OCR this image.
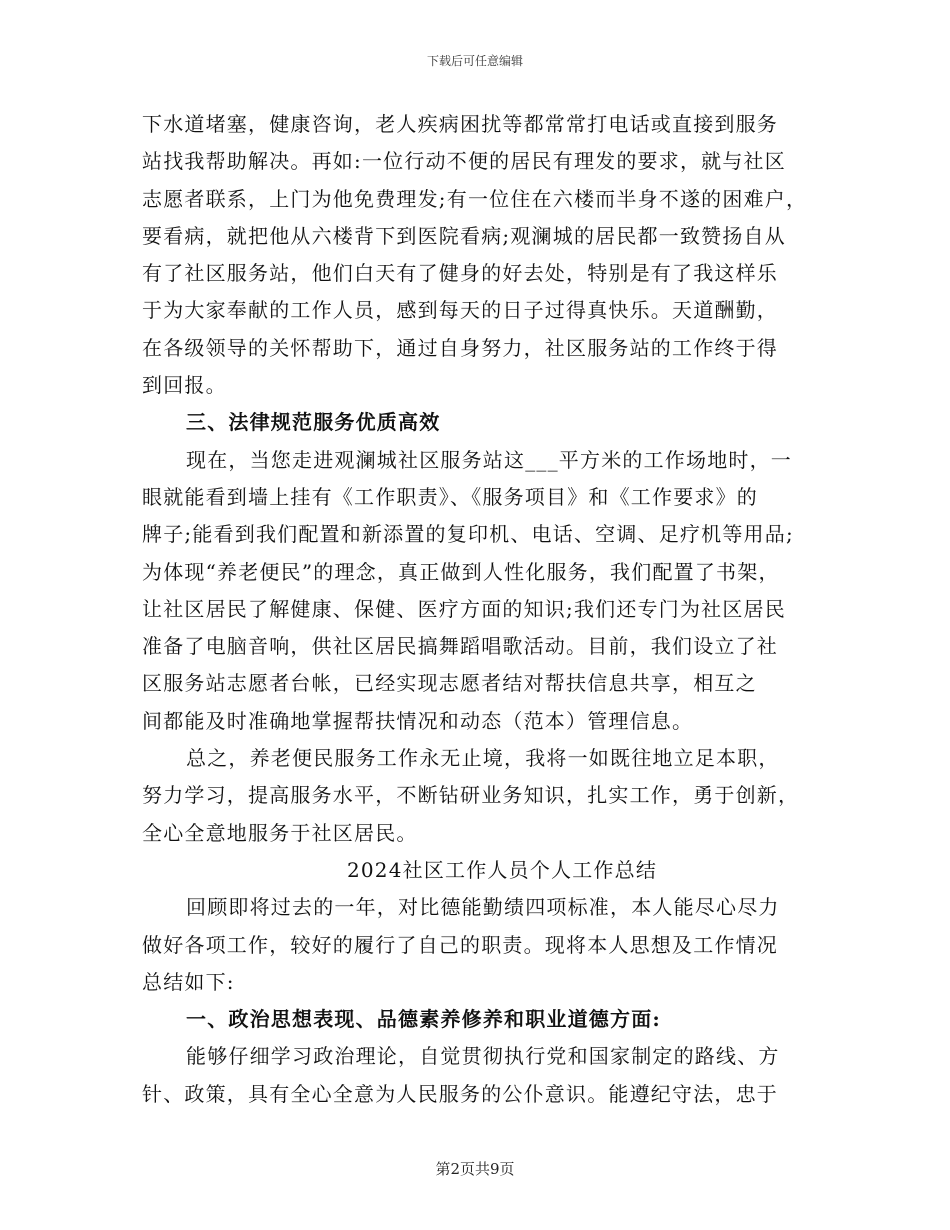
下载后可任意编辑
下水道堵塞，健康咨询，老人疾病困扰等都常常打电话或直接到服务
站找我帮助解决。再如:一位行动不便的居民有理发的要求，就与社区
志愿者联系，上门为他免费理发;有一位住在六楼而半身不遂的困难户，
要看病，就把他从六楼背下到医院看病;观澜城的居民都一致赞扬自从
有了社区服务站，他们白天有了健身的好去处，特别是有了我这样乐
于为大家奉献的工作人员，感到每天的日子过得真快乐。天道酬勤，
在各级领导的关怀帮助下，通过自身努力，社区服务站的工作终于得
到回报。
三、法律规范服务优质高效
现在，当您走进观澜城社区服务站这___平方米的工作场地时，一
眼就能看到墙上挂有《工作职责》、《服务项目》和《工作要求》的
牌子;能看到我们配置和新添置的复印机、电话、空调、足疗机等用品;
为体现“养老便民”的理念，真正做到人性化服务，我们配置了书架，
让社区居民了解健康、保健、医疗方面的知识;我们还专门为社区居民
准备了电脑音响，供社区居民搞舞蹈唱歌活动。目前，我们设立了社
区服务站志愿者台帐，已经实现志愿者结对帮扶信息共享，相互之
间都能及时准确地掌握帮扶情况和动态（范本）管理信息。
总之，养老便民服务工作永无止境，我将一如既往地立足本职，
努力学习，提高服务水平，不断钻研业务知识，扎实工作，勇于创新，
全心全意地服务于社区居民。
2024社区工作人员个人工作总结
回顾即将过去的一年，对比德能勤绩四项标准，本人能尽心尽力
做好各项工作，较好的履行了自己的职责。现将本人思想及工作情况
总结如下:
一、政治思想表现、品德素养修养和职业道德方面:
能够仔细学习政治理论，自觉贯彻执行党和国家制定的路线、方
针、政策，具有全心全意为人民服务的公仆意识。能遵纪守法，忠于
第2页共9页
